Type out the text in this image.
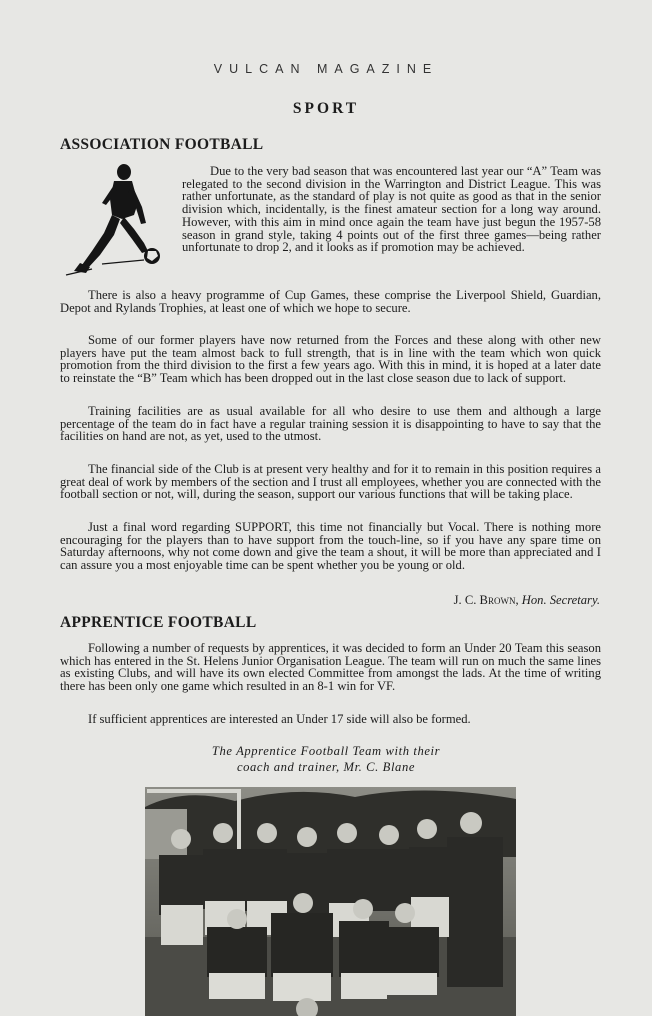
VULCAN MAGAZINE
SPORT
ASSOCIATION FOOTBALL

Due to the very bad season that was encountered last year our “A” Team was relegated to the second division in the Warrington and District League. This was rather unfortunate, as the standard of play is not quite as good as that in the senior division which, incidentally, is the finest amateur section for a long way around. However, with this aim in mind once again the team have just begun the 1957-58 season in grand style, taking 4 points out of the first three games—being rather unfortunate to drop 2, and it looks as if promotion may be achieved.

There is also a heavy programme of Cup Games, these comprise the Liverpool Shield, Guardian, Depot and Rylands Trophies, at least one of which we hope to secure.

Some of our former players have now returned from the Forces and these along with other new players have put the team almost back to full strength, that is in line with the team which won quick promotion from the third division to the first a few years ago. With this in mind, it is hoped at a later date to reinstate the “B” Team which has been dropped out in the last close season due to lack of support.

Training facilities are as usual available for all who desire to use them and although a large percentage of the team do in fact have a regular training session it is disappointing to have to say that the facilities on hand are not, as yet, used to the utmost.

The financial side of the Club is at present very healthy and for it to remain in this position requires a great deal of work by members of the section and I trust all employees, whether you are connected with the football section or not, will, during the season, support our various functions that will be taking place.

Just a final word regarding SUPPORT, this time not financially but Vocal. There is nothing more encouraging for the players than to have support from the touch-line, so if you have any spare time on Saturday afternoons, why not come down and give the team a shout, it will be more than appreciated and I can assure you a most enjoyable time can be spent whether you be young or old.

J. C. Brown, Hon. Secretary.
APPRENTICE FOOTBALL

Following a number of requests by apprentices, it was decided to form an Under 20 Team this season which has entered in the St. Helens Junior Organisation League. The team will run on much the same lines as existing Clubs, and will have its own elected Committee from amongst the lads. At the time of writing there has been only one game which resulted in an 8-1 win for VF.

If sufficient apprentices are interested an Under 17 side will also be formed.

The Apprentice Football Team with their
coach and trainer, Mr. C. Blane
